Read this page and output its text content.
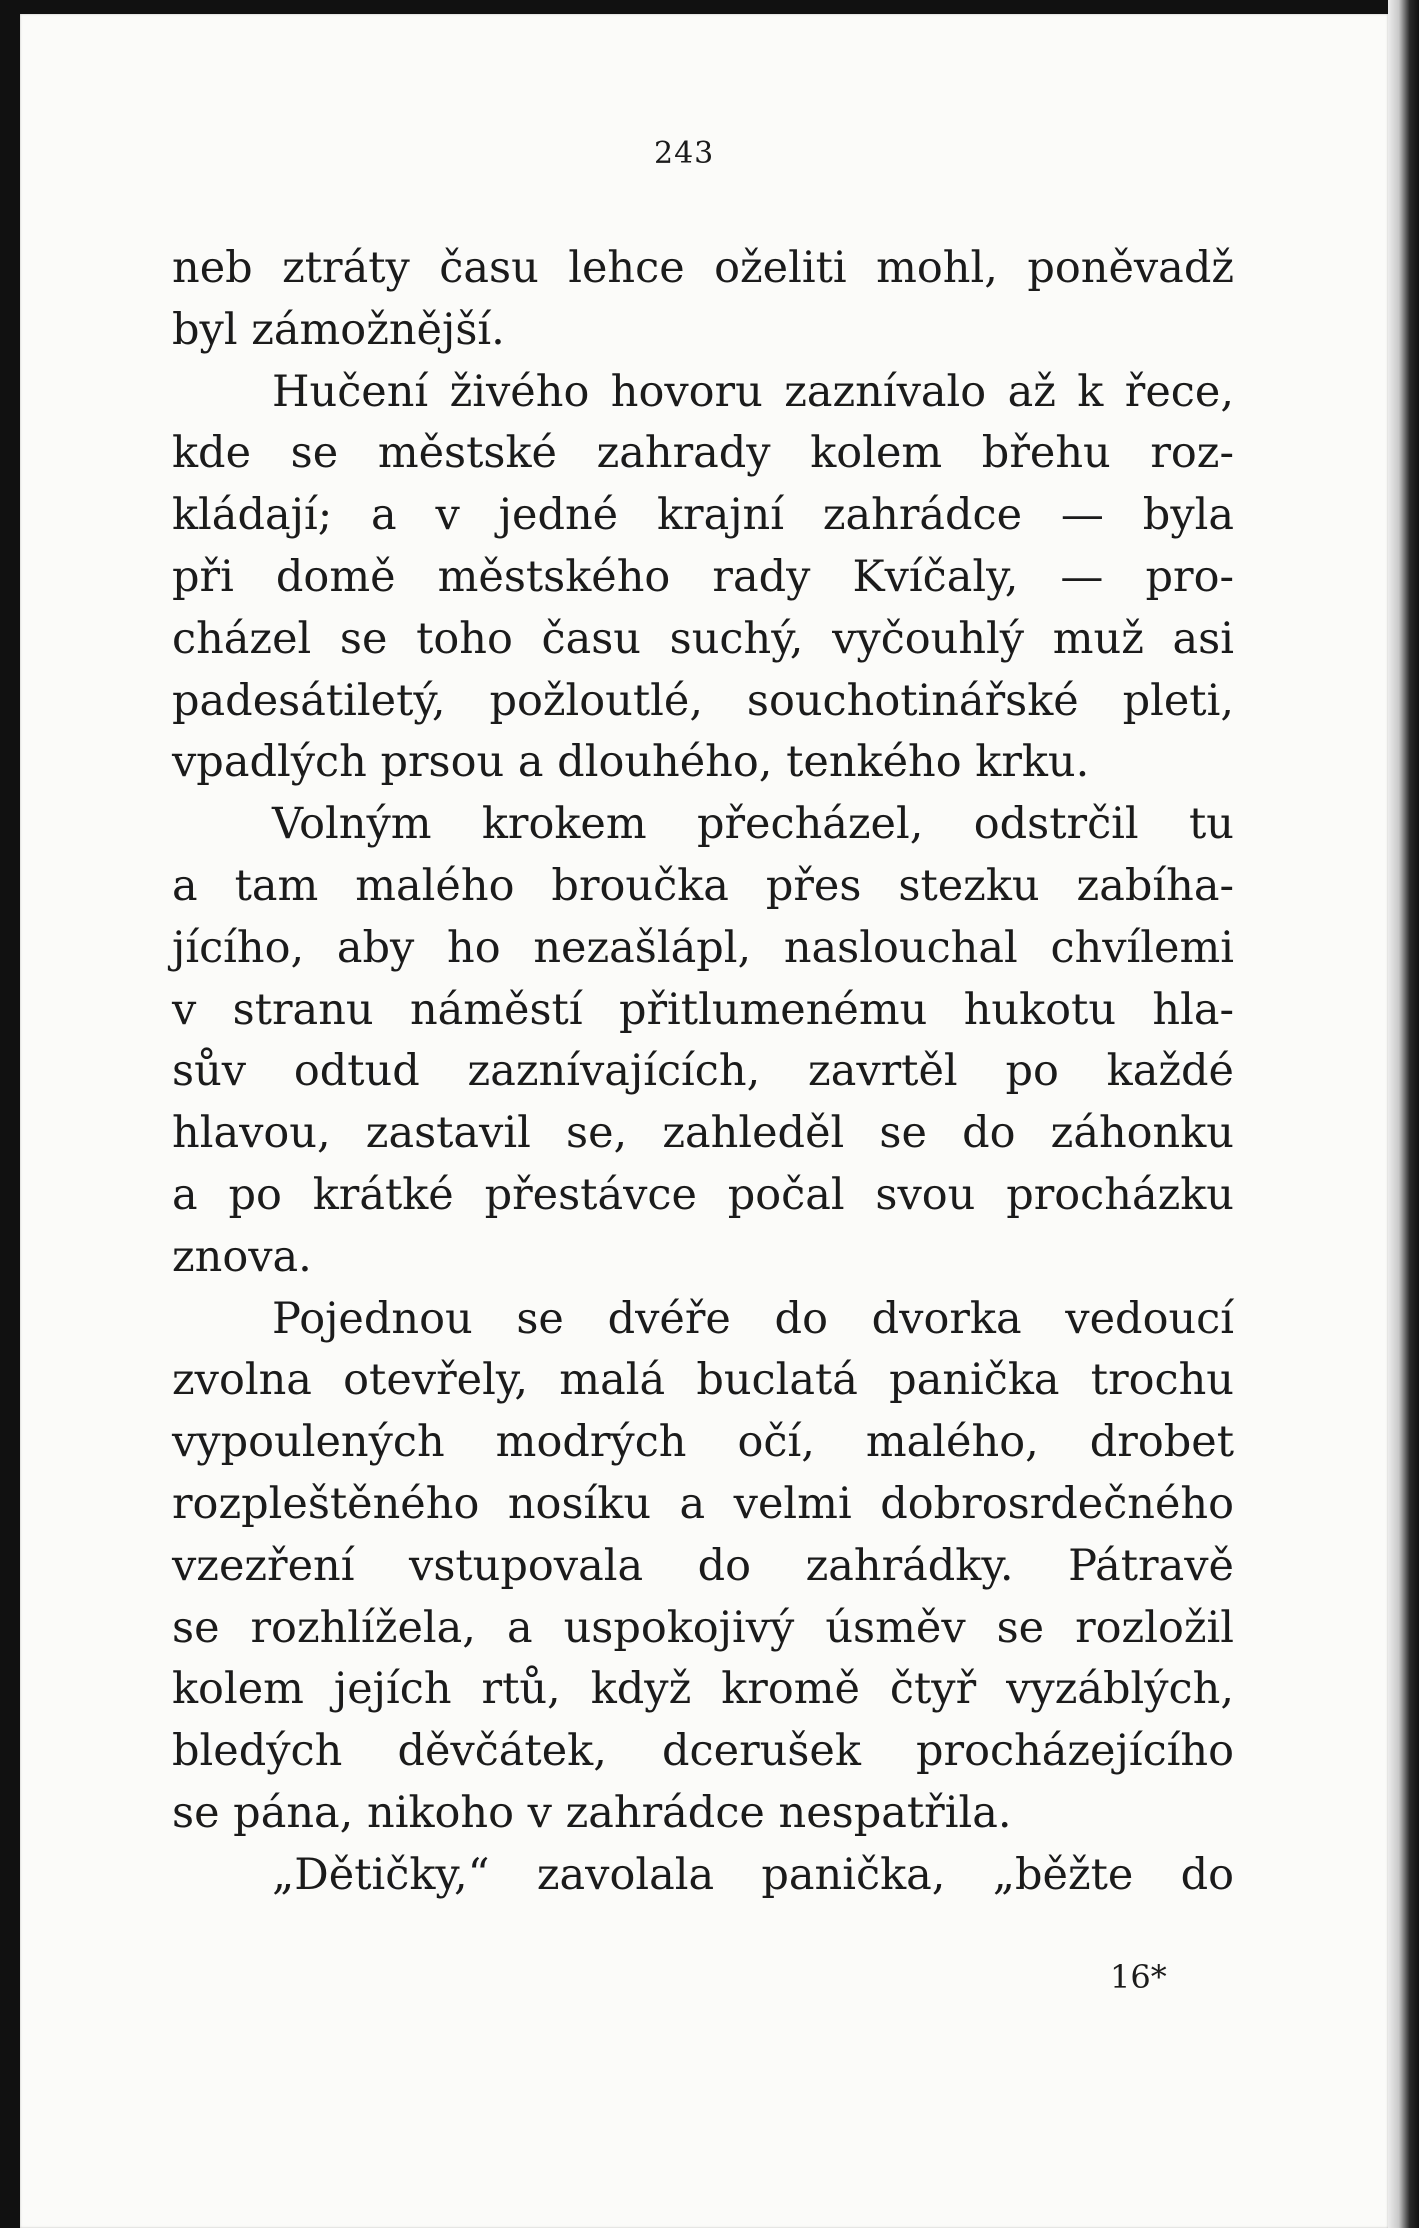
243
neb ztráty času lehce oželiti mohl, poněvadž
byl zámožnější.
Hučení živého hovoru zaznívalo až k řece,
kde se městské zahrady kolem břehu roz-
kládají; a v jedné krajní zahrádce — byla
při domě městského rady Kvíčaly, — pro-
cházel se toho času suchý, vyčouhlý muž asi
padesátiletý, požloutlé, souchotinářské pleti,
vpadlých prsou a dlouhého, tenkého krku.
Volným krokem přecházel, odstrčil tu
a tam malého broučka přes stezku zabíha-
jícího, aby ho nezašlápl, naslouchal chvílemi
v stranu náměstí přitlumenému hukotu hla-
sův odtud zaznívajících, zavrtěl po každé
hlavou, zastavil se, zahleděl se do záhonku
a po krátké přestávce počal svou procházku
znova.
Pojednou se dvéře do dvorka vedoucí
zvolna otevřely, malá buclatá panička trochu
vypoulených modrých očí, malého, drobet
rozpleštěného nosíku a velmi dobrosrdečného
vzezření vstupovala do zahrádky. Pátravě
se rozhlížela, a uspokojivý úsměv se rozložil
kolem jejích rtů, když kromě čtyř vyzáblých,
bledých děvčátek, dcerušek procházejícího
se pána, nikoho v zahrádce nespatřila.
„Dětičky,“ zavolala panička, „běžte do
16*
